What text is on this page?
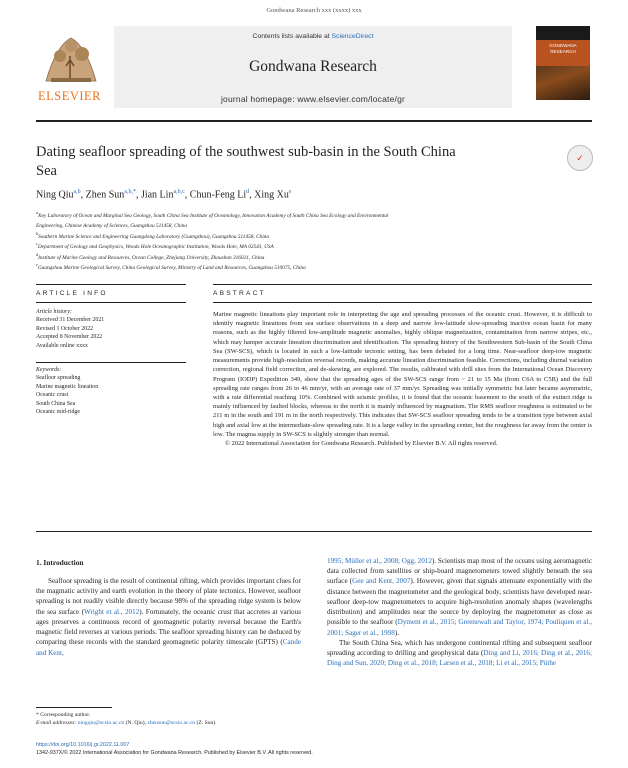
Gondwana Research xxx (xxxx) xxx
ELSEVIER
Contents lists available at ScienceDirect
Gondwana Research
journal homepage: www.elsevier.com/locate/gr
GONDWANA RESEARCH
Dating seafloor spreading of the southwest sub-basin in the South China
Sea
✓
Ning Qiu$^{a,b}$, Zhen Sun$^{a,b,*}$, Jian Lin$^{a,b,c}$, Chun-Feng Li$^d$, Xing Xu$^e$
$^a$Key Laboratory of Ocean and Marginal Sea Geology, South China Sea Institute of Oceanology, Innovation Academy of South China Sea Ecology and Environmental
Engineering, Chinese Academy of Sciences, Guangzhou 511458, China
$^b$Southern Marine Science and Engineering Guangdong Laboratory (Guangzhou), Guangzhou 511458, China
$^c$Department of Geology and Geophysics, Woods Hole Oceanographic Institution, Woods Hole, MA 02543, USA
$^d$Institute of Marine Geology and Resources, Ocean College, Zhejiang University, Zhoushan 316021, China
$^e$Guangzhou Marine Geological Survey, China Geological Survey, Ministry of Land and Resources, Guangzhou 510075, China
ARTICLE INFO	ABSTRACT
Article history:
Received 31 December 2021
Revised 1 October 2022
Accepted 8 November 2022
Available online xxxx
Keywords:
Seafloor spreading
Marine magnetic lineation
Oceanic crust
South China Sea
Oceanic mid-ridge
Marine magnetic lineations play important role in interpreting the age and spreading processes of the oceanic crust. However, it is difficult to identify magnetic lineations from sea surface observations in a deep and narrow low-latitude slow-spreading inactive ocean basin for many reasons, such as the highly filtered low-amplitude magnetic anomalies, highly oblique magnetization, contamination from narrow stripes, etc., which may hamper accurate lineation discrimination and identification. The spreading history of the Southwestern Sub-basin of the South China Sea (SW-SCS), which is located in such a low-latitude tectonic setting, has been debated for a long time. Near-seafloor deep-tow magnetic measurements provide high-resolution reversal records, making accurate lineation discrimination feasible. Corrections, including diurnal variation correction, regional field correction, and de-skewing, are explored. The results, calibrated with drill sites from the International Ocean Discovery Program (IODP) Expedition 349, show that the spreading ages of the SW-SCS range from ~ 21 to 15 Ma (from C6A to C5B) and the full spreading rate ranges from 26 to 46 mm/yr, with an average rate of 37 mm/yr. Spreading was initially symmetric but later became asymmetric, with a rate differential reaching 10%. Combined with seismic profiles, it is found that the oceanic basement to the south of the extinct ridge is mainly influenced by faulted blocks, whereas to the north it is mainly influenced by magmatism. The RMS seafloor roughness is estimated to be 211 m in the south and 191 m in the north respectively. This indicates that SW-SCS seafloor spreading tends to be a transition type between axial high and axial low at the intermediate-slow spreading rate. It is a large valley in the spreading center, but the roughness far away from the center is low. The magma supply in SW-SCS is slightly stronger than normal.
© 2022 International Association for Gondwana Research. Published by Elsevier B.V. All rights reserved.
1. Introduction

Seafloor spreading is the result of continental rifting, which provides important clues for the magmatic activity and earth evolution in the theory of plate tectonics. However, seafloor spreading is not readily visible directly because 98% of the spreading ridge system is below the sea surface (Wright et al., 2012). Fortunately, the oceanic crust that accretes at various ages preserves a continuous record of geomagnetic polarity reversal because the Earth's magnetic field reverses at various periods. The seafloor spreading history can be deduced by comparing these records with the standard geomagnetic polarity timescale (GPTS) (Cande and Kent,

1995; Müller et al., 2008; Ogg, 2012). Scientists map most of the oceans using aeromagnetic data collected from satellites or ship-board magnetometers towed slightly beneath the sea surface (Gee and Kent, 2007). However, given that signals attenuate exponentially with the distance between the magnetometer and the geological body, scientists have developed near-seafloor deep-tow magnetometers to acquire high-resolution anomaly shapes (wavelengths distribution) and amplitudes near the source by deploying the magnetometer as close as possible to the seafloor (Dyment et al., 2015; Greenewalt and Taylor, 1974; Pouliquen et al., 2001; Sager et al., 1998).

The South China Sea, which has undergone continental rifting and subsequent seafloor spreading according to drilling and geophysical data (Ding and Li, 2016; Ding et al., 2016; Ding and Sun, 2020; Ding et al., 2018; Larsen et al., 2018; Li et al., 2015; Püthe

* Corresponding author.
E-mail addresses: ningqiu@scsio.ac.cn (N. Qiu), zhensun@scsio.ac.cn (Z. Sun).
https://doi.org/10.1016/j.gr.2022.11.007
1342-937X/© 2022 International Association for Gondwana Research. Published by Elsevier B.V. All rights reserved.
